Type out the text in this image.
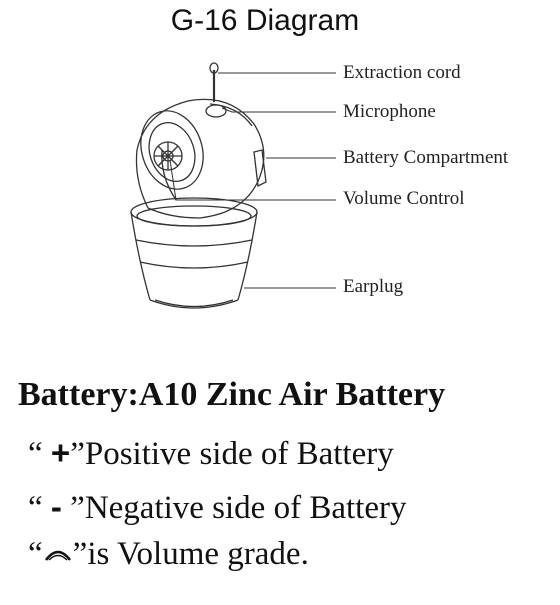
G-16 Diagram
Extraction cord
Microphone
Battery Compartment
Volume Control
Earplug
Battery:A10 Zinc Air Battery
“ +”Positive side of Battery
“ - ”Negative side of Battery
“ ”is Volume grade.
